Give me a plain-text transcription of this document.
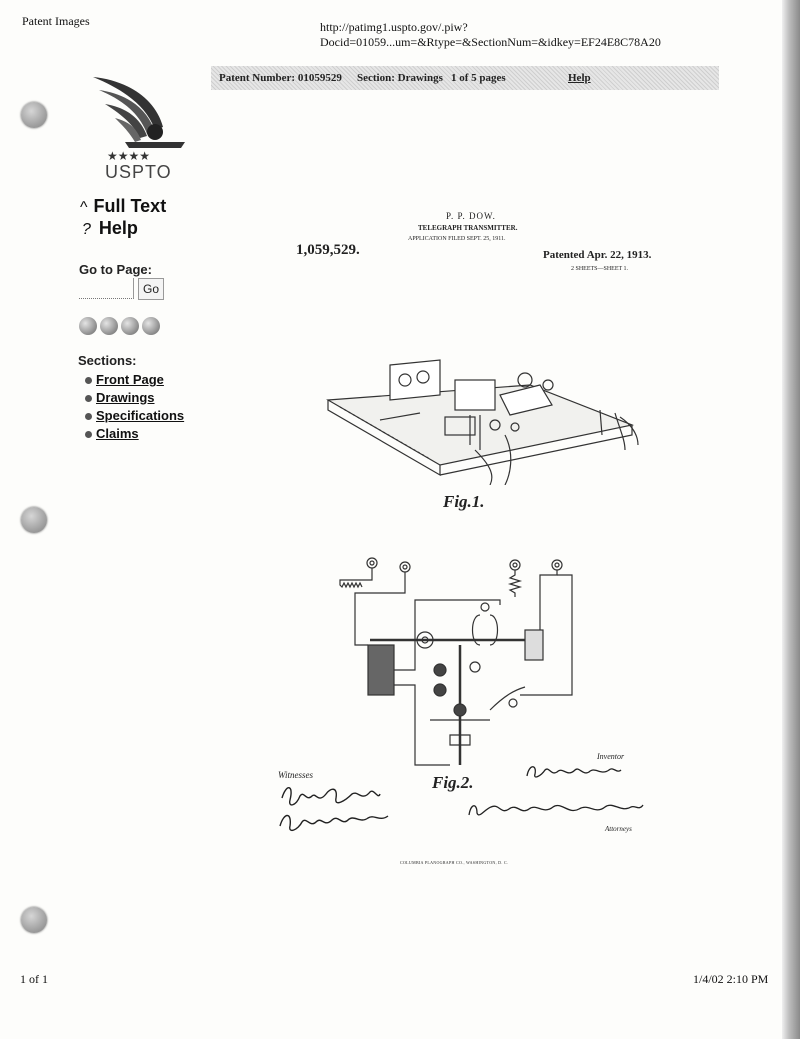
Patent Images	http://patimg1.uspto.gov/.piw?Docid=01059...um=&Rtype=&SectionNum=&idkey=EF24E8C78A20
Patent Number: 01059529 Section: Drawings 1 of 5 pages	Help
★★★★
USPTO
^ Full Text
? Help
Go to Page:
Go
Sections:
Front Page
Drawings
Specifications
Claims
P. P. DOW.
TELEGRAPH TRANSMITTER.
APPLICATION FILED SEPT. 25, 1911.
1,059,529.	Patented Apr. 22, 1913.
2 SHEETS—SHEET 1.
Fig.1.
Fig.2.
Witnesses
Inventor
Attorneys
COLUMBIA PLANOGRAPH CO., WASHINGTON, D. C.
1 of 1	1/4/02 2:10 PM
